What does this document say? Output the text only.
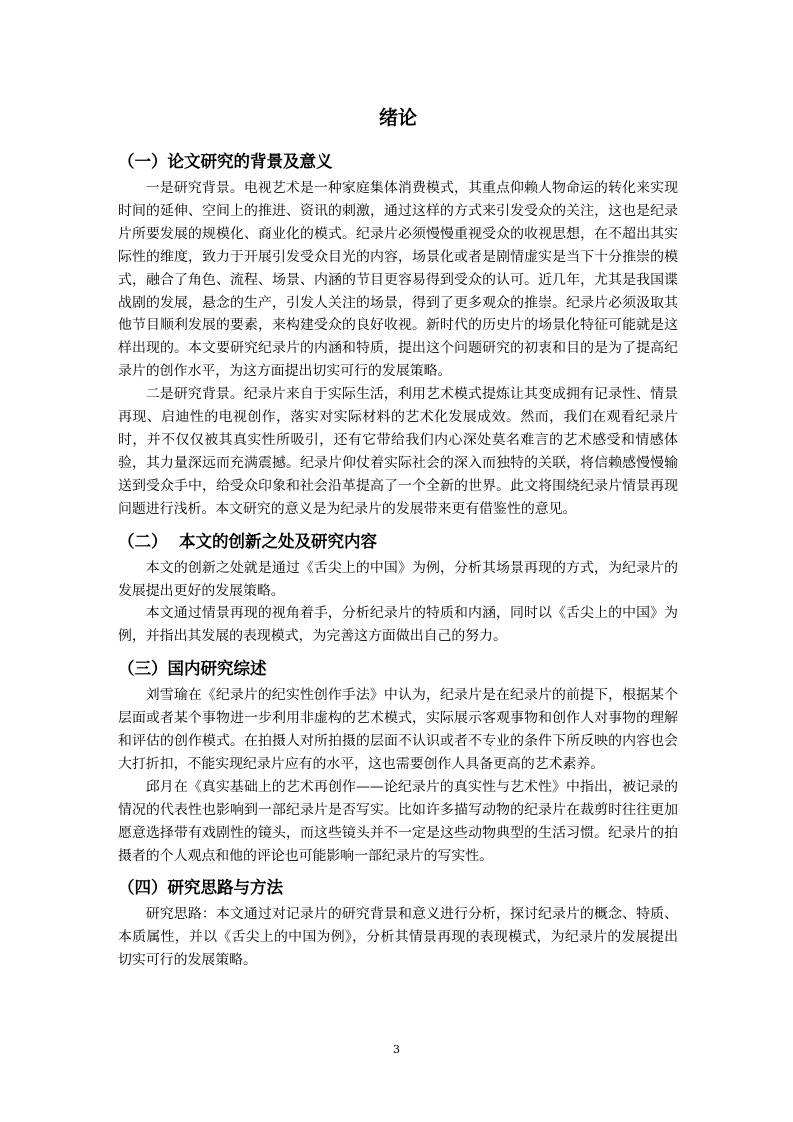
绪论
（一）论文研究的背景及意义

一是研究背景。电视艺术是一种家庭集体消费模式，其重点仰赖人物命运的转化来实现时间的延伸、空间上的推进、资讯的刺激，通过这样的方式来引发受众的关注，这也是纪录片所要发展的规模化、商业化的模式。纪录片必须慢慢重视受众的收视思想，在不超出其实际性的维度，致力于开展引发受众目光的内容，场景化或者是剧情虚实是当下十分推崇的模式，融合了角色、流程、场景、内涵的节目更容易得到受众的认可。近几年，尤其是我国谍战剧的发展，悬念的生产，引发人关注的场景，得到了更多观众的推崇。纪录片必须汲取其他节目顺利发展的要素，来构建受众的良好收视。新时代的历史片的场景化特征可能就是这样出现的。本文要研究纪录片的内涵和特质，提出这个问题研究的初衷和目的是为了提高纪录片的创作水平，为这方面提出切实可行的发展策略。

二是研究背景。纪录片来自于实际生活，利用艺术模式提炼让其变成拥有记录性、情景再现、启迪性的电视创作，落实对实际材料的艺术化发展成效。然而，我们在观看纪录片时，并不仅仅被其真实性所吸引，还有它带给我们内心深处莫名难言的艺术感受和情感体验，其力量深远而充满震撼。纪录片仰仗着实际社会的深入而独特的关联，将信赖感慢慢输送到受众手中，给受众印象和社会沿革提高了一个全新的世界。此文将围绕纪录片情景再现问题进行浅析。本文研究的意义是为纪录片的发展带来更有借鉴性的意见。

（二）  本文的创新之处及研究内容

本文的创新之处就是通过《舌尖上的中国》为例，分析其场景再现的方式，为纪录片的发展提出更好的发展策略。

本文通过情景再现的视角着手，分析纪录片的特质和内涵，同时以《舌尖上的中国》为例，并指出其发展的表现模式，为完善这方面做出自己的努力。

（三）国内研究综述

刘雪瑜在《纪录片的纪实性创作手法》中认为，纪录片是在纪录片的前提下，根据某个层面或者某个事物进一步利用非虚构的艺术模式，实际展示客观事物和创作人对事物的理解和评估的创作模式。在拍摄人对所拍摄的层面不认识或者不专业的条件下所反映的内容也会大打折扣，不能实现纪录片应有的水平，这也需要创作人具备更高的艺术素养。

邱月在《真实基础上的艺术再创作——论纪录片的真实性与艺术性》中指出，被记录的情况的代表性也影响到一部纪录片是否写实。比如许多描写动物的纪录片在裁剪时往往更加愿意选择带有戏剧性的镜头，而这些镜头并不一定是这些动物典型的生活习惯。纪录片的拍摄者的个人观点和他的评论也可能影响一部纪录片的写实性。

（四）研究思路与方法

研究思路：本文通过对记录片的研究背景和意义进行分析，探讨纪录片的概念、特质、本质属性，并以《舌尖上的中国为例》，分析其情景再现的表现模式，为纪录片的发展提出切实可行的发展策略。

3
